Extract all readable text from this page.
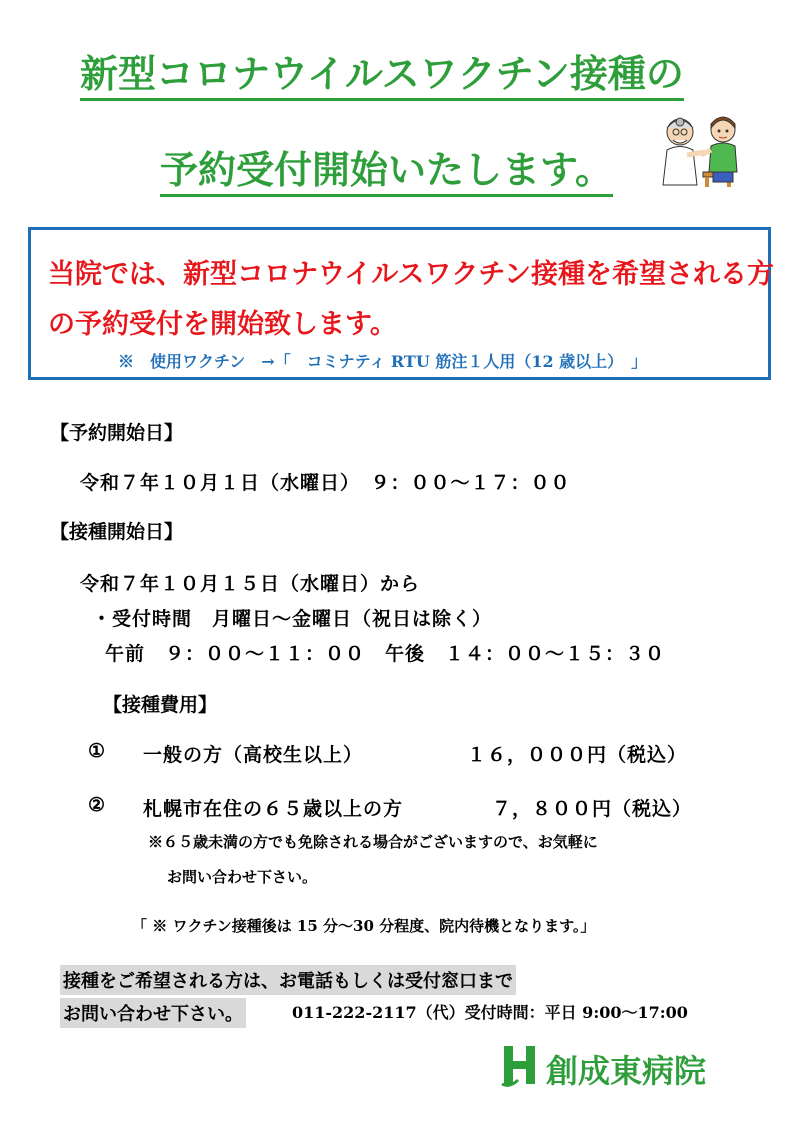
新型コロナウイルスワクチン接種の
予約受付開始いたします。
当院では、新型コロナウイルスワクチン接種を希望される方
の予約受付を開始致します。
※　使用ワクチン　→「　コミナティ RTU 筋注１人用（12 歳以上）　」
【予約開始日】
令和７年１０月１日（水曜日）　９：００～１７：００
【接種開始日】
令和７年１０月１５日（水曜日）から
・受付時間　月曜日～金曜日（祝日は除く）
午前　９：００～１１：００　午後　１４：００～１５：３０
【接種費用】
① 一般の方（高校生以上）	１６，０００円（税込）
② 札幌市在住の６５歳以上の方	７，８００円（税込）
※６５歳未満の方でも免除される場合がございますので、お気軽に
お問い合わせ下さい。
「 ※ ワクチン接種後は 15 分～30 分程度、院内待機となります。」
接種をご希望される方は、お電話もしくは受付窓口まで
お問い合わせ下さい。	011-222-2117（代）受付時間：平日 9:00～17:00
創成東病院
